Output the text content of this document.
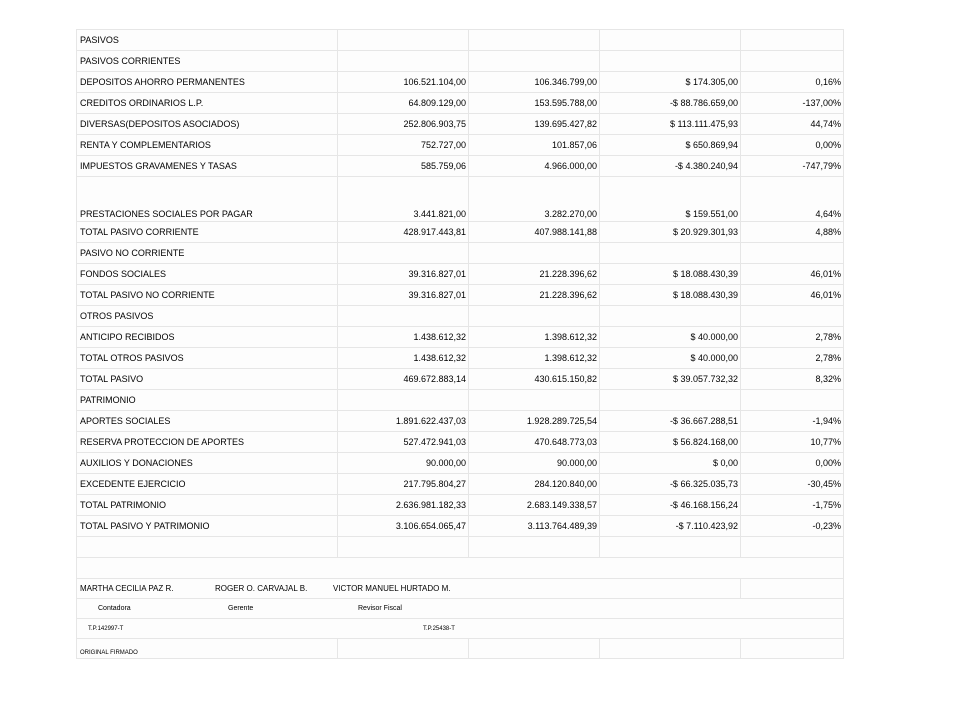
PASIVOS				
PASIVOS CORRIENTES				
DEPOSITOS AHORRO PERMANENTES	106.521.104,00	106.346.799,00	$ 174.305,00	0,16%
CREDITOS ORDINARIOS L.P.	64.809.129,00	153.595.788,00	-$ 88.786.659,00	-137,00%
DIVERSAS(DEPOSITOS ASOCIADOS)	252.806.903,75	139.695.427,82	$ 113.111.475,93	44,74%
RENTA Y COMPLEMENTARIOS	752.727,00	101.857,06	$ 650.869,94	0,00%
IMPUESTOS GRAVAMENES Y TASAS	585.759,06	4.966.000,00	-$ 4.380.240,94	-747,79%
PRESTACIONES SOCIALES POR PAGAR	3.441.821,00	3.282.270,00	$ 159.551,00	4,64%
TOTAL PASIVO CORRIENTE	428.917.443,81	407.988.141,88	$ 20.929.301,93	4,88%
PASIVO NO CORRIENTE				
FONDOS SOCIALES	39.316.827,01	21.228.396,62	$ 18.088.430,39	46,01%
TOTAL PASIVO NO CORRIENTE	39.316.827,01	21.228.396,62	$ 18.088.430,39	46,01%
OTROS PASIVOS				
ANTICIPO RECIBIDOS	1.438.612,32	1.398.612,32	$ 40.000,00	2,78%
TOTAL OTROS PASIVOS	1.438.612,32	1.398.612,32	$ 40.000,00	2,78%
TOTAL PASIVO	469.672.883,14	430.615.150,82	$ 39.057.732,32	8,32%
PATRIMONIO				
APORTES SOCIALES	1.891.622.437,03	1.928.289.725,54	-$ 36.667.288,51	-1,94%
RESERVA PROTECCION DE APORTES	527.472.941,03	470.648.773,03	$ 56.824.168,00	10,77%
AUXILIOS Y DONACIONES	90.000,00	90.000,00	$ 0,00	0,00%
EXCEDENTE EJERCICIO	217.795.804,27	284.120.840,00	-$ 66.325.035,73	-30,45%
TOTAL PATRIMONIO	2.636.981.182,33	2.683.149.338,57	-$ 46.168.156,24	-1,75%
TOTAL PASIVO Y PATRIMONIO	3.106.654.065,47	3.113.764.489,39	-$ 7.110.423,92	-0,23%

MARTHA CECILIA PAZ R. ROGER O. CARVAJAL B. VICTOR MANUEL HURTADO M.				
Contadora Gerente Revisor Fiscal				
T.P.142997-T T.P.25438-T				
ORIGINAL FIRMADO				
